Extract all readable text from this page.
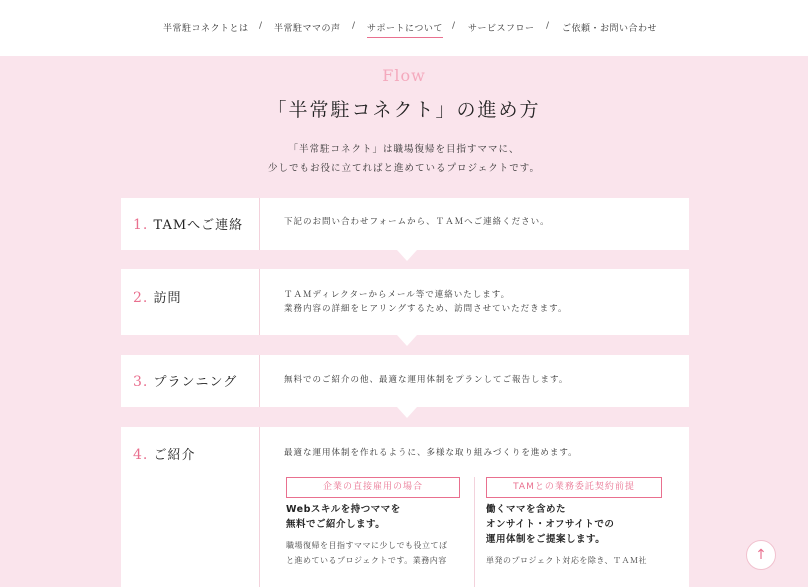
半常駐コネクトとは / 半常駐ママの声 / サポートについて / サービスフロー / ご依頼・お問い合わせ
Flow
「半常駐コネクト」の進め方
「半常駐コネクト」は職場復帰を目指すママに、
少しでもお役に立てればと進めているプロジェクトです。
1. TAMへご連絡	下記のお問い合わせフォームから、ＴＡＭへご連絡ください。
2. 訪問	ＴＡＭディレクターからメール等で連絡いたします。
業務内容の詳細をヒアリングするため、訪問させていただきます。
3. プランニング	無料でのご紹介の他、最適な運用体制をプランしてご報告します。
4. ご紹介	最適な運用体制を作れるように、多様な取り組みづくりを進めます。
企業の直接雇用の場合
Webスキルを持つママを
無料でご紹介します。
職場復帰を目指すママに少しでも役立てば
と進めているプロジェクトです。業務内容
TAMとの業務委託契約前提
働くママを含めた
オンサイト・オフサイトでの
運用体制をご提案します。
単発のプロジェクト対応を除き、ＴＡＭ社	↑
